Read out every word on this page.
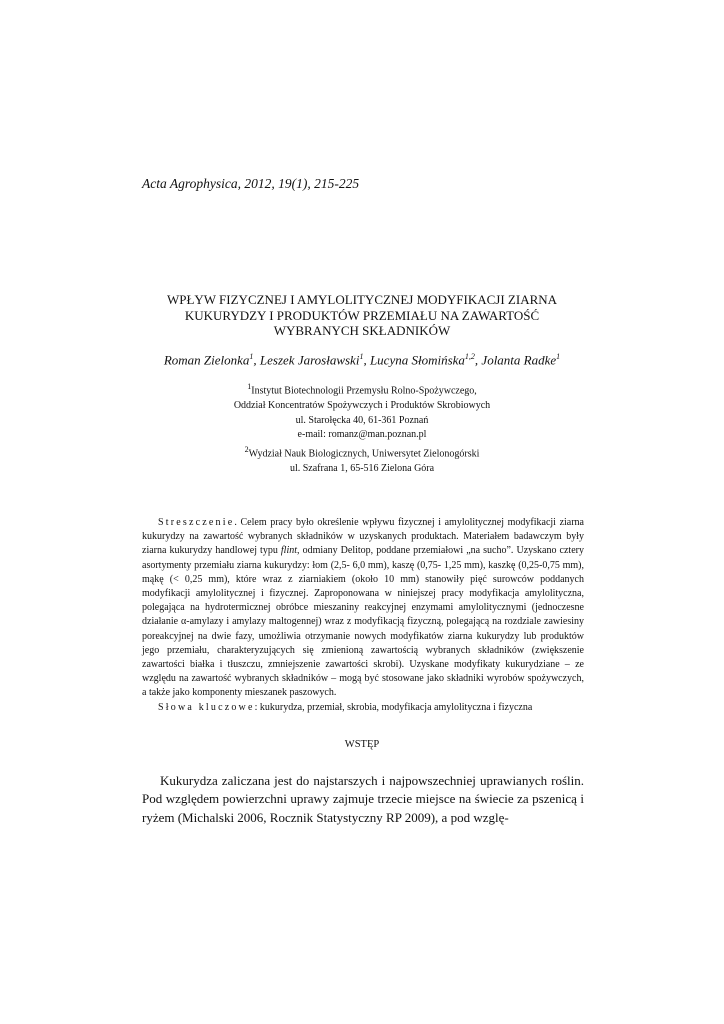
Acta Agrophysica, 2012, 19(1), 215-225
WPŁYW FIZYCZNEJ I AMYLOLITYCZNEJ MODYFIKACJI ZIARNA
KUKURYDZY I PRODUKTÓW PRZEMIAŁU NA ZAWARTOŚĆ
WYBRANYCH SKŁADNIKÓW
Roman Zielonka$^1$, Leszek Jarosławski$^1$, Lucyna Słomińska$^{1,2}$, Jolanta Radke$^1$
$^1$Instytut Biotechnologii Przemysłu Rolno-Spożywczego,
Oddział Koncentratów Spożywczych i Produktów Skrobiowych
ul. Starołęcka 40, 61-361 Poznań
e-mail: romanz@man.poznan.pl
$^2$Wydział Nauk Biologicznych, Uniwersytet Zielonogórski
ul. Szafrana 1, 65-516 Zielona Góra
Streszczenie. Celem pracy było określenie wpływu fizycznej i amylolitycznej modyfikacji ziarna kukurydzy na zawartość wybranych składników w uzyskanych produktach. Materiałem badawczym były ziarna kukurydzy handlowej typu flint, odmiany Delitop, poddane przemiałowi „na sucho”. Uzyskano cztery asortymenty przemiału ziarna kukurydzy: łom (2,5- 6,0 mm), kaszę (0,75- 1,25 mm), kaszkę (0,25-0,75 mm), mąkę (< 0,25 mm), które wraz z ziarniakiem (około 10 mm) stanowiły pięć surowców poddanych modyfikacji amylolitycznej i fizycznej. Zaproponowana w niniejszej pracy modyfikacja amylolityczna, polegająca na hydrotermicznej obróbce mieszaniny reakcyjnej enzymami amylolitycznymi (jednoczesne działanie α-amylazy i amylazy maltogennej) wraz z modyfikacją fizyczną, polegającą na rozdziale zawiesiny poreakcyjnej na dwie fazy, umożliwia otrzymanie nowych modyfikatów ziarna kukurydzy lub produktów jego przemiału, charakteryzujących się zmienioną zawartością wybranych składników (zwiększenie zawartości białka i tłuszczu, zmniejszenie zawartości skrobi). Uzyskane modyfikaty kukurydziane – ze względu na zawartość wybranych składników – mogą być stosowane jako składniki wyrobów spożywczych, a także jako komponenty mieszanek paszowych.
Słowa kluczowe: kukurydza, przemiał, skrobia, modyfikacja amylolityczna i fizyczna
WSTĘP
Kukurydza zaliczana jest do najstarszych i najpowszechniej uprawianych roślin. Pod względem powierzchni uprawy zajmuje trzecie miejsce na świecie za pszenicą i ryżem (Michalski 2006, Rocznik Statystyczny RP 2009), a pod wzglę-
